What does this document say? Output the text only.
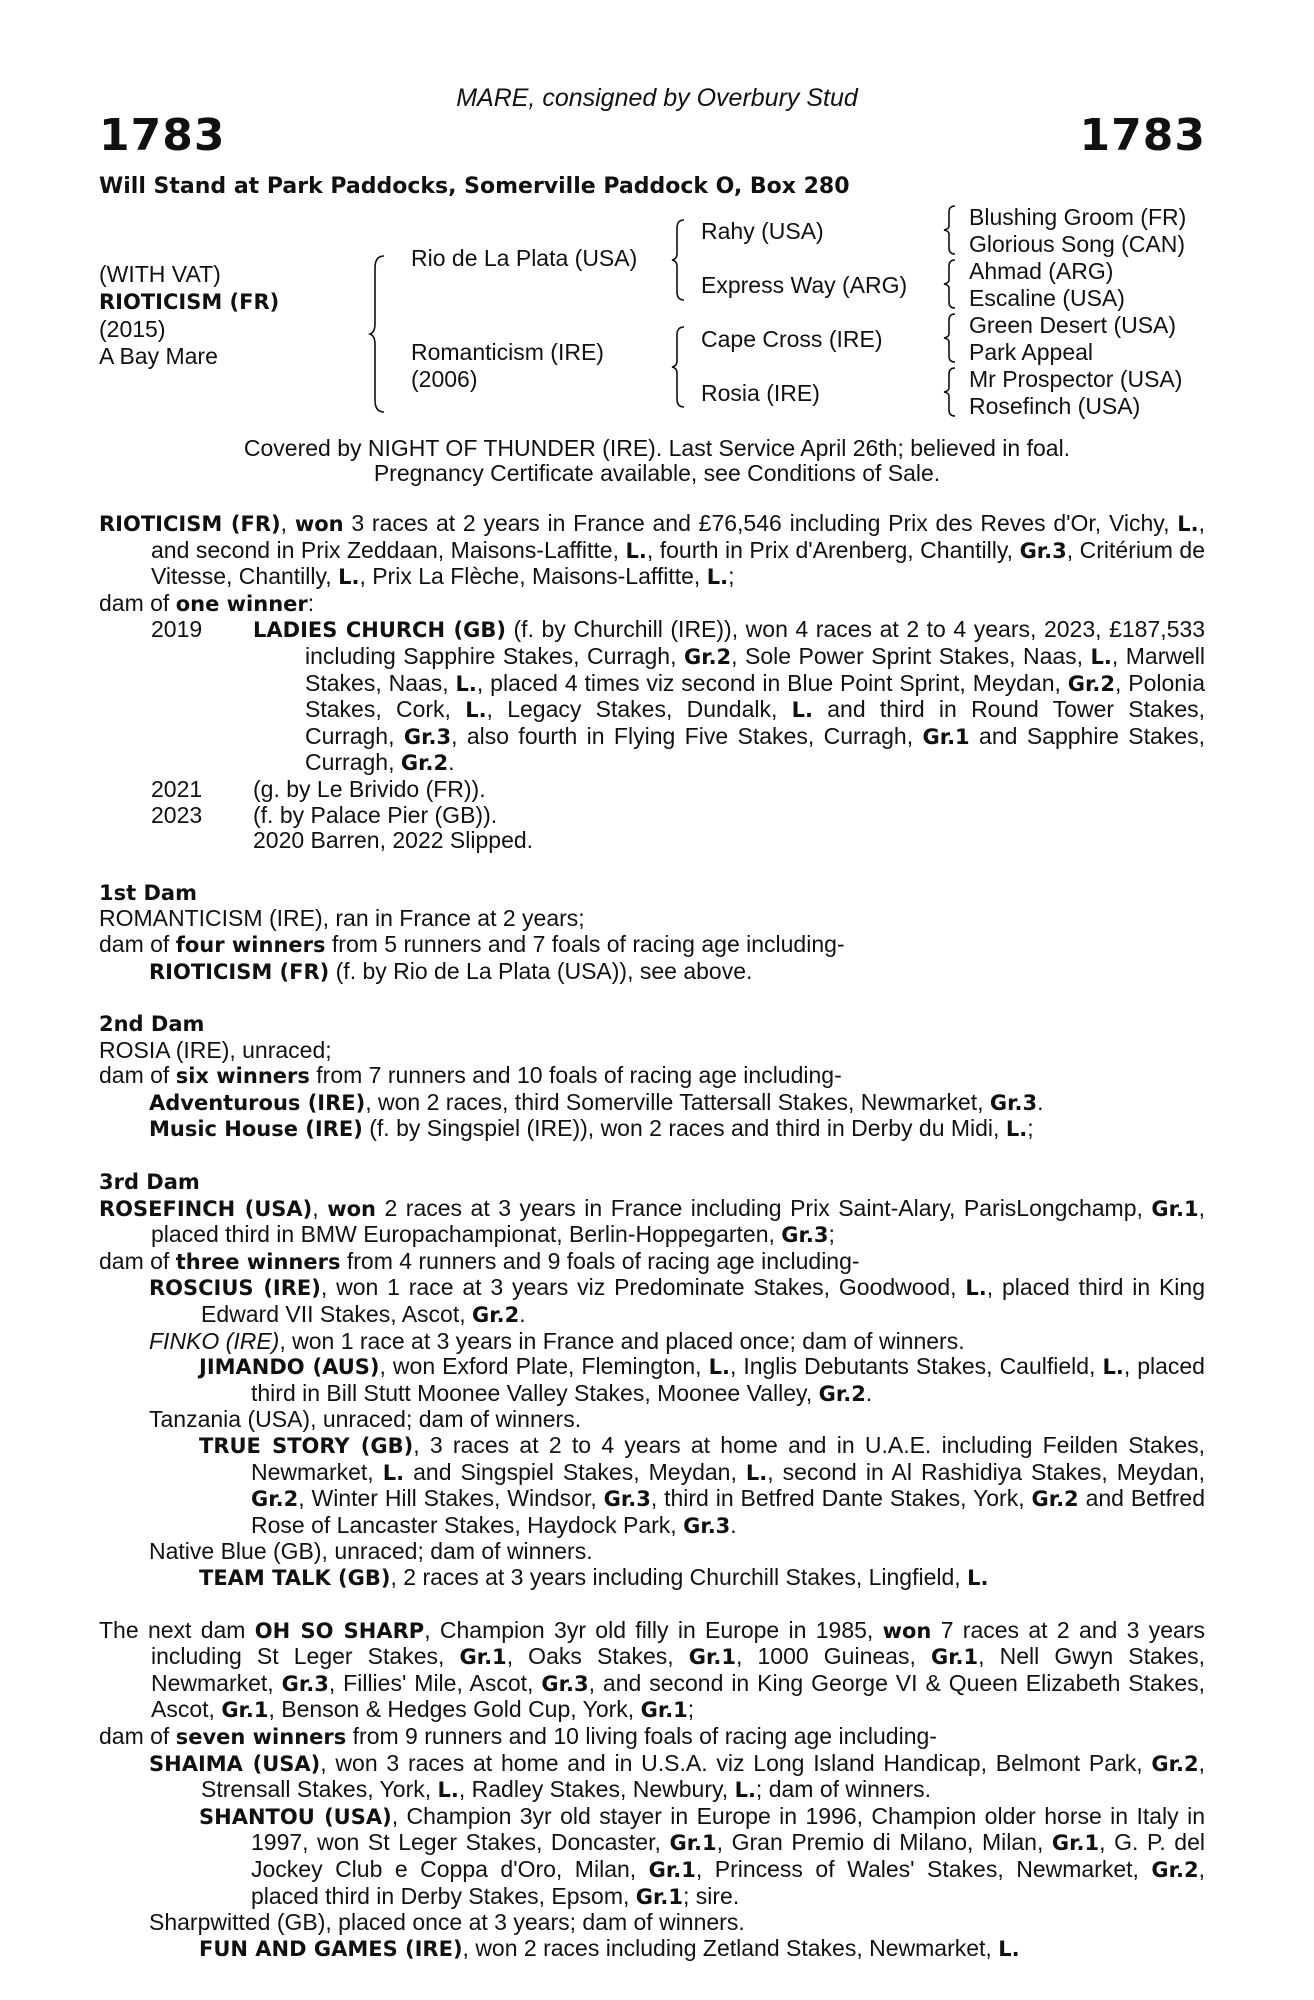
MARE, consigned by Overbury Stud
1783	1783
Will Stand at Park Paddocks, Somerville Paddock O, Box 280
(WITH VAT)
RIOTICISM (FR)
(2015)
A Bay Mare
Rio de La Plata (USA)
Romanticism (IRE)
(2006)
Rahy (USA)
Express Way (ARG)
Cape Cross (IRE)
Rosia (IRE)
Blushing Groom (FR)
Glorious Song (CAN)
Ahmad (ARG)
Escaline (USA)
Green Desert (USA)
Park Appeal
Mr Prospector (USA)
Rosefinch (USA)
Covered by NIGHT OF THUNDER (IRE). Last Service April 26th; believed in foal.
Pregnancy Certificate available, see Conditions of Sale.

RIOTICISM (FR), won 3 races at 2 years in France and £76,546 including Prix des Reves d'Or, Vichy, L., and second in Prix Zeddaan, Maisons-Laffitte, L., fourth in Prix d'Arenberg, Chantilly, Gr.3, Critérium de Vitesse, Chantilly, L., Prix La Flèche, Maisons-Laffitte, L.;

dam of one winner:

2019	LADIES CHURCH (GB) (f. by Churchill (IRE)), won 4 races at 2 to 4 years, 2023, £187,533 including Sapphire Stakes, Curragh, Gr.2, Sole Power Sprint Stakes, Naas, L., Marwell Stakes, Naas, L., placed 4 times viz second in Blue Point Sprint, Meydan, Gr.2, Polonia Stakes, Cork, L., Legacy Stakes, Dundalk, L. and third in Round Tower Stakes, Curragh, Gr.3, also fourth in Flying Five Stakes, Curragh, Gr.1 and Sapphire Stakes, Curragh, Gr.2.
2021	(g. by Le Brivido (FR)).
2023	(f. by Palace Pier (GB)).

2020 Barren, 2022 Slipped.

1st Dam

ROMANTICISM (IRE), ran in France at 2 years;

dam of four winners from 5 runners and 7 foals of racing age including-

RIOTICISM (FR) (f. by Rio de La Plata (USA)), see above.

2nd Dam

ROSIA (IRE), unraced;

dam of six winners from 7 runners and 10 foals of racing age including-

Adventurous (IRE), won 2 races, third Somerville Tattersall Stakes, Newmarket, Gr.3.

Music House (IRE) (f. by Singspiel (IRE)), won 2 races and third in Derby du Midi, L.;

3rd Dam

ROSEFINCH (USA), won 2 races at 3 years in France including Prix Saint-Alary, ParisLongchamp, Gr.1, placed third in BMW Europachampionat, Berlin-Hoppegarten, Gr.3;

dam of three winners from 4 runners and 9 foals of racing age including-

ROSCIUS (IRE), won 1 race at 3 years viz Predominate Stakes, Goodwood, L., placed third in King Edward VII Stakes, Ascot, Gr.2.

FINKO (IRE), won 1 race at 3 years in France and placed once; dam of winners.

JIMANDO (AUS), won Exford Plate, Flemington, L., Inglis Debutants Stakes, Caulfield, L., placed third in Bill Stutt Moonee Valley Stakes, Moonee Valley, Gr.2.

Tanzania (USA), unraced; dam of winners.

TRUE STORY (GB), 3 races at 2 to 4 years at home and in U.A.E. including Feilden Stakes, Newmarket, L. and Singspiel Stakes, Meydan, L., second in Al Rashidiya Stakes, Meydan, Gr.2, Winter Hill Stakes, Windsor, Gr.3, third in Betfred Dante Stakes, York, Gr.2 and Betfred Rose of Lancaster Stakes, Haydock Park, Gr.3.

Native Blue (GB), unraced; dam of winners.

TEAM TALK (GB), 2 races at 3 years including Churchill Stakes, Lingfield, L.

The next dam OH SO SHARP, Champion 3yr old filly in Europe in 1985, won 7 races at 2 and 3 years including St Leger Stakes, Gr.1, Oaks Stakes, Gr.1, 1000 Guineas, Gr.1, Nell Gwyn Stakes, Newmarket, Gr.3, Fillies' Mile, Ascot, Gr.3, and second in King George VI & Queen Elizabeth Stakes, Ascot, Gr.1, Benson & Hedges Gold Cup, York, Gr.1;

dam of seven winners from 9 runners and 10 living foals of racing age including-

SHAIMA (USA), won 3 races at home and in U.S.A. viz Long Island Handicap, Belmont Park, Gr.2, Strensall Stakes, York, L., Radley Stakes, Newbury, L.; dam of winners.

SHANTOU (USA), Champion 3yr old stayer in Europe in 1996, Champion older horse in Italy in 1997, won St Leger Stakes, Doncaster, Gr.1, Gran Premio di Milano, Milan, Gr.1, G. P. del Jockey Club e Coppa d'Oro, Milan, Gr.1, Princess of Wales' Stakes, Newmarket, Gr.2, placed third in Derby Stakes, Epsom, Gr.1; sire.

Sharpwitted (GB), placed once at 3 years; dam of winners.

FUN AND GAMES (IRE), won 2 races including Zetland Stakes, Newmarket, L.
